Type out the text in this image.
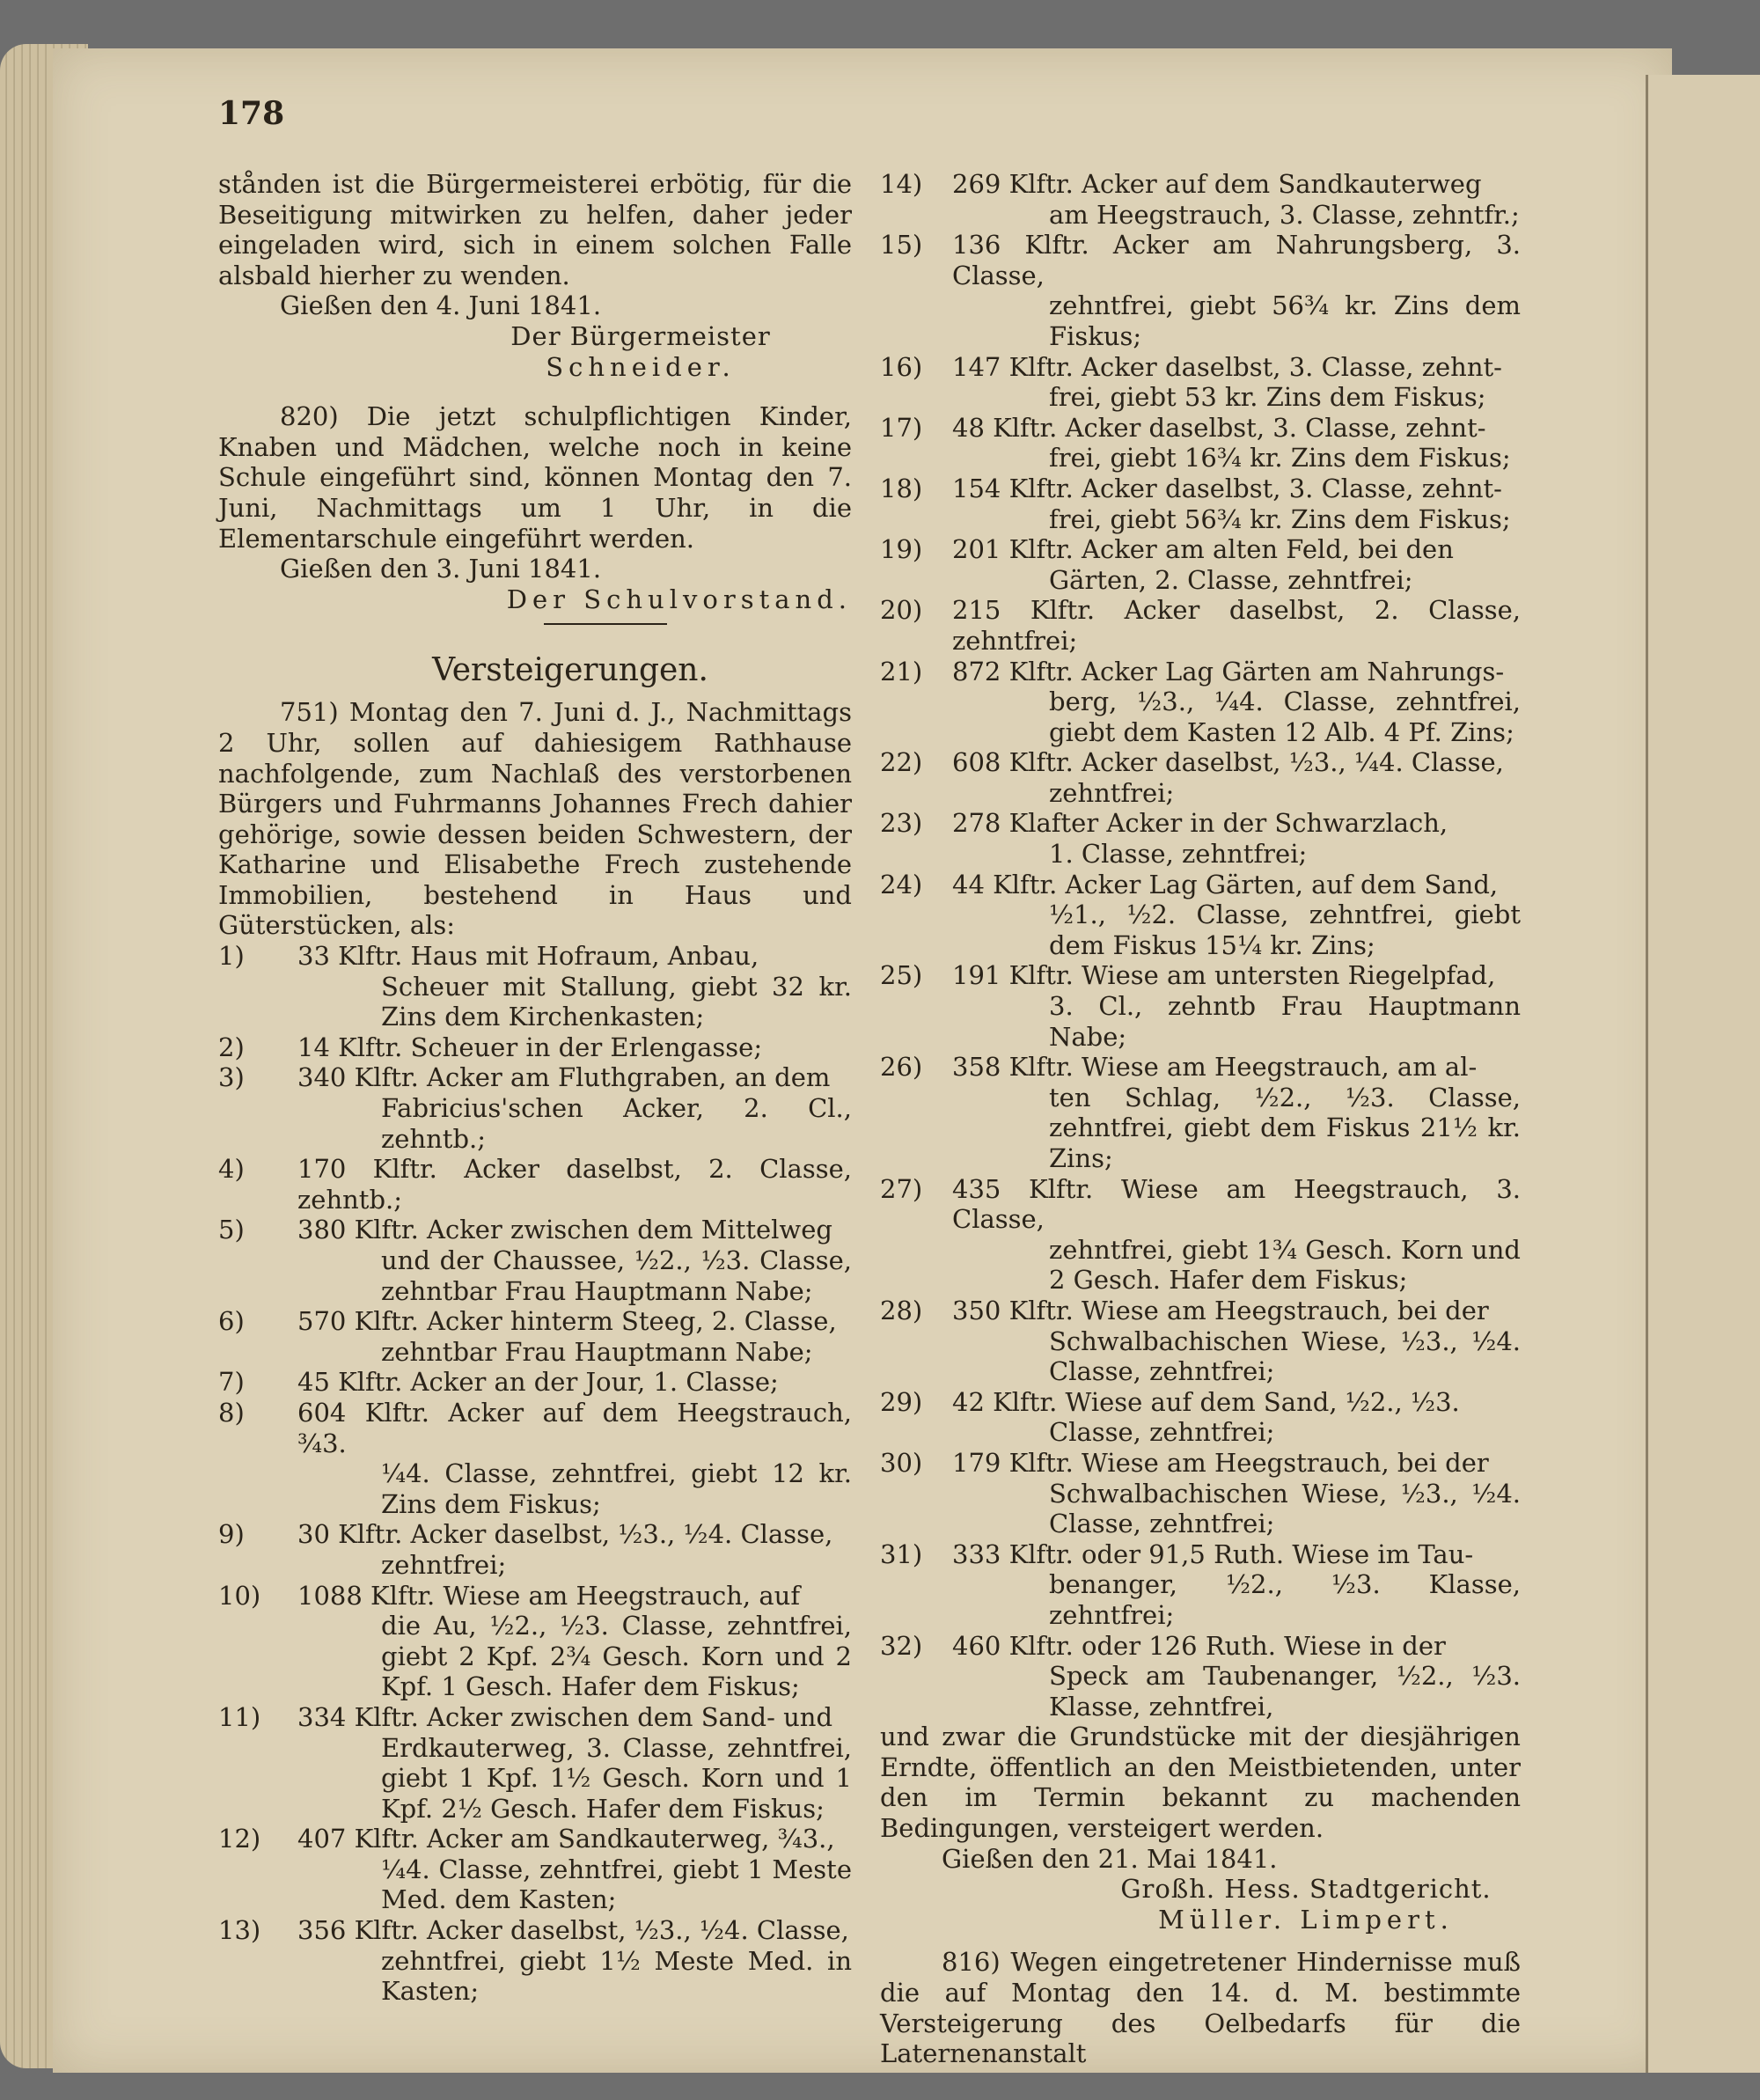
178

stånden ist die Bürgermeisterei erbötig, für die Beseitigung mitwirken zu helfen, daher jeder eingeladen wird, sich in einem solchen Falle alsbald hierher zu wenden.

Gießen den 4. Juni 1841.
Der Bürgermeister
Schneider.

820) Die jetzt schulpflichtigen Kinder, Knaben und Mädchen, welche noch in keine Schule eingeführt sind, können Montag den 7. Juni, Nachmittags um 1 Uhr, in die Elementarschule eingeführt werden.

Gießen den 3. Juni 1841.
Der Schulvorstand.
Versteigerungen.

751) Montag den 7. Juni d. J., Nachmittags 2 Uhr, sollen auf dahiesigem Rathhause nachfolgende, zum Nachlaß des verstorbenen Bürgers und Fuhrmanns Johannes Frech dahier gehörige, sowie dessen beiden Schwestern, der Katharine und Elisabethe Frech zustehende Immobilien, bestehend in Haus und Güterstücken, als:

1)	33 Klftr. Haus mit Hofraum, Anbau,
Scheuer mit Stallung, giebt 32 kr. Zins dem Kirchenkasten;
2)	14 Klftr. Scheuer in der Erlengasse;
3)	340 Klftr. Acker am Fluthgraben, an dem
Fabricius'schen Acker, 2. Cl., zehntb.;
4)	170 Klftr. Acker daselbst, 2. Classe, zehntb.;
5)	380 Klftr. Acker zwischen dem Mittelweg
und der Chaussee, ½2., ½3. Classe, zehntbar Frau Hauptmann Nabe;
6)	570 Klftr. Acker hinterm Steeg, 2. Classe,
zehntbar Frau Hauptmann Nabe;
7)	45 Klftr. Acker an der Jour, 1. Classe;
8)	604 Klftr. Acker auf dem Heegstrauch, ¾3.
¼4. Classe, zehntfrei, giebt 12 kr. Zins dem Fiskus;
9)	30 Klftr. Acker daselbst, ½3., ½4. Classe,
zehntfrei;
10)	1088 Klftr. Wiese am Heegstrauch, auf
die Au, ½2., ½3. Classe, zehntfrei, giebt 2 Kpf. 2¾ Gesch. Korn und 2 Kpf. 1 Gesch. Hafer dem Fiskus;
11)	334 Klftr. Acker zwischen dem Sand- und
Erdkauterweg, 3. Classe, zehntfrei, giebt 1 Kpf. 1½ Gesch. Korn und 1 Kpf. 2½ Gesch. Hafer dem Fiskus;
12)	407 Klftr. Acker am Sandkauterweg, ¾3.,
¼4. Classe, zehntfrei, giebt 1 Meste Med. dem Kasten;
13)	356 Klftr. Acker daselbst, ½3., ½4. Classe,
zehntfrei, giebt 1½ Meste Med. in Kasten;
14)	269 Klftr. Acker auf dem Sandkauterweg
am Heegstrauch, 3. Classe, zehntfr.;
15)	136 Klftr. Acker am Nahrungsberg, 3. Classe,
zehntfrei, giebt 56¾ kr. Zins dem Fiskus;
16)	147 Klftr. Acker daselbst, 3. Classe, zehnt-
frei, giebt 53 kr. Zins dem Fiskus;
17)	48 Klftr. Acker daselbst, 3. Classe, zehnt-
frei, giebt 16¾ kr. Zins dem Fiskus;
18)	154 Klftr. Acker daselbst, 3. Classe, zehnt-
frei, giebt 56¾ kr. Zins dem Fiskus;
19)	201 Klftr. Acker am alten Feld, bei den
Gärten, 2. Classe, zehntfrei;
20)	215 Klftr. Acker daselbst, 2. Classe, zehntfrei;
21)	872 Klftr. Acker Lag Gärten am Nahrungs-
berg, ½3., ¼4. Classe, zehntfrei, giebt dem Kasten 12 Alb. 4 Pf. Zins;
22)	608 Klftr. Acker daselbst, ½3., ¼4. Classe,
zehntfrei;
23)	278 Klafter Acker in der Schwarzlach,
1. Classe, zehntfrei;
24)	44 Klftr. Acker Lag Gärten, auf dem Sand,
½1., ½2. Classe, zehntfrei, giebt dem Fiskus 15¼ kr. Zins;
25)	191 Klftr. Wiese am untersten Riegelpfad,
3. Cl., zehntb Frau Hauptmann Nabe;
26)	358 Klftr. Wiese am Heegstrauch, am al-
ten Schlag, ½2., ½3. Classe, zehntfrei, giebt dem Fiskus 21½ kr. Zins;
27)	435 Klftr. Wiese am Heegstrauch, 3. Classe,
zehntfrei, giebt 1¾ Gesch. Korn und 2 Gesch. Hafer dem Fiskus;
28)	350 Klftr. Wiese am Heegstrauch, bei der
Schwalbachischen Wiese, ½3., ½4. Classe, zehntfrei;
29)	42 Klftr. Wiese auf dem Sand, ½2., ½3.
Classe, zehntfrei;
30)	179 Klftr. Wiese am Heegstrauch, bei der
Schwalbachischen Wiese, ½3., ½4. Classe, zehntfrei;
31)	333 Klftr. oder 91,5 Ruth. Wiese im Tau-
benanger, ½2., ½3. Klasse, zehntfrei;
32)	460 Klftr. oder 126 Ruth. Wiese in der
Speck am Taubenanger, ½2., ½3. Klasse, zehntfrei,

und zwar die Grundstücke mit der diesjährigen Erndte, öffentlich an den Meistbietenden, unter den im Termin bekannt zu machenden Bedingungen, versteigert werden.

Gießen den 21. Mai 1841.
Großh. Hess. Stadtgericht.
Müller. Limpert.

816) Wegen eingetretener Hindernisse muß die auf Montag den 14. d. M. bestimmte Versteigerung des Oelbedarfs für die Laternenanstalt
